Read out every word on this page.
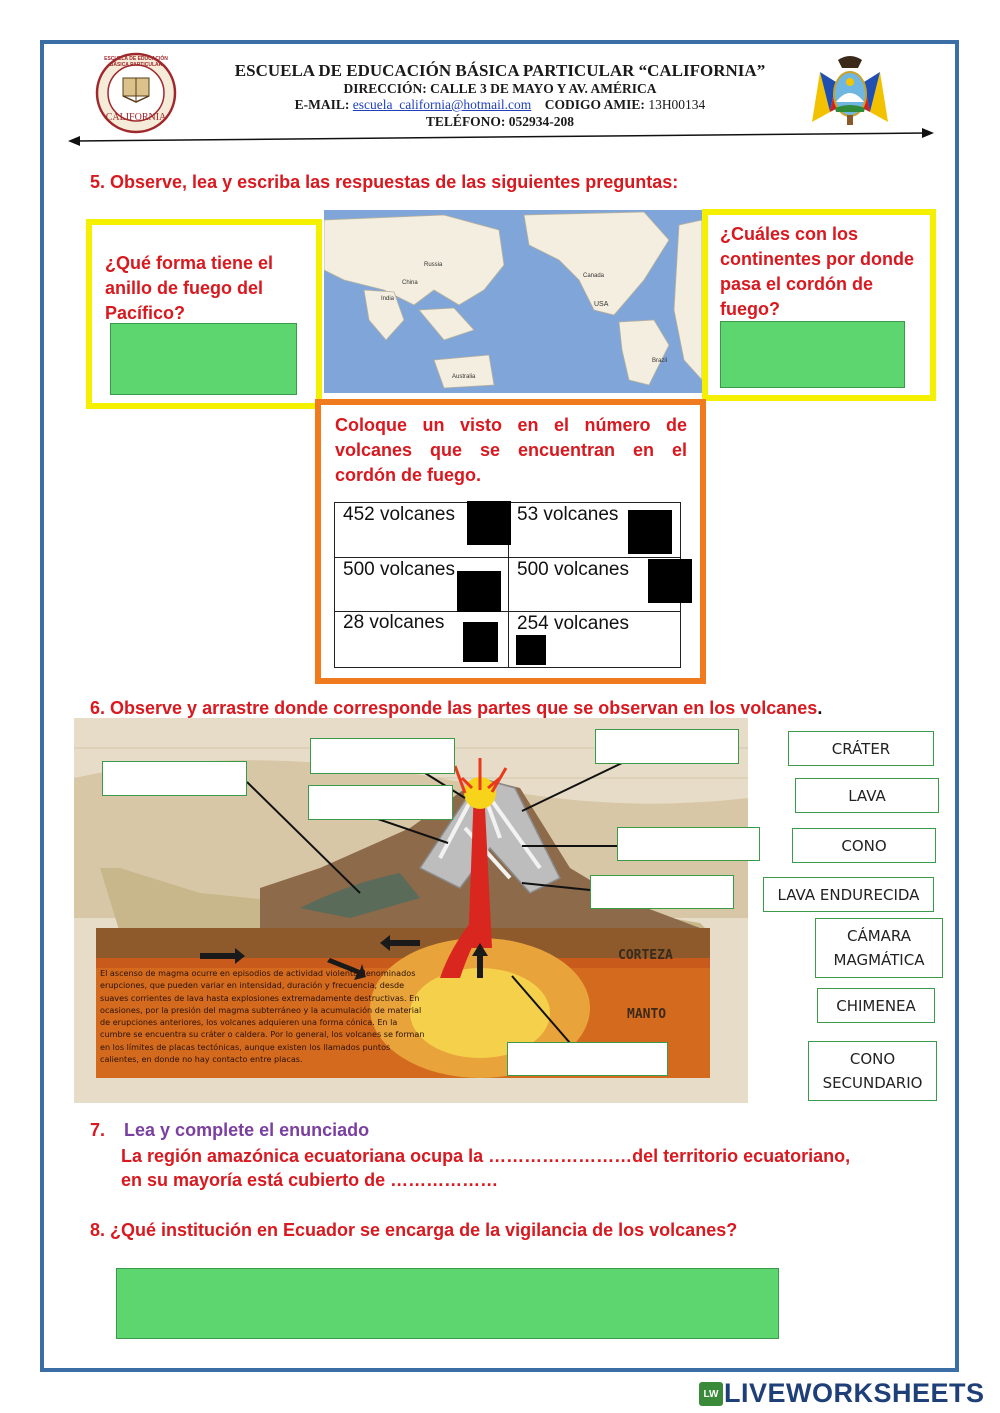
ESCUELA DE EDUCACIÓN BÁSICA PARTICULAR
CALIFORNIA
ESCUELA DE EDUCACIÓN BÁSICA PARTICULAR “CALIFORNIA”
DIRECCIÓN: CALLE 3 DE MAYO Y AV. AMÉRICA
E-MAIL: escuela_california@hotmail.com CODIGO AMIE: 13H00134
TELÉFONO: 052934-208
5. Observe, lea y escriba las respuestas de las siguientes preguntas:
¿Qué forma tiene el anillo de fuego del Pacífico?
Russia
China
India
Canada
USA
Australia
Brazil
¿Cuáles con los continentes por donde pasa el cordón de fuego?
Coloque un visto en el número de volcanes que se encuentran en el cordón de fuego.
452 volcanes	53 volcanes
500 volcanes	500 volcanes
28 volcanes	254 volcanes
6. Observe y arrastre donde corresponde las partes que se observan en los volcanes.
CORTEZA
MANTO
El ascenso de magma ocurre en episodios de actividad violenta denominados erupciones, que pueden variar en intensidad, duración y frecuencia, desde suaves corrientes de lava hasta explosiones extremadamente destructivas. En ocasiones, por la presión del magma subterráneo y la acumulación de material de erupciones anteriores, los volcanes adquieren una forma cónica. En la cumbre se encuentra su cráter o caldera. Por lo general, los volcanes se forman en los límites de placas tectónicas, aunque existen los llamados puntos calientes, en donde no hay contacto entre placas.
CRÁTER
LAVA
CONO
LAVA ENDURECIDA
CÁMARA MAGMÁTICA
CHIMENEA
CONO SECUNDARIO
7. Lea y complete el enunciado
La región amazónica ecuatoriana ocupa la ……………………del territorio ecuatoriano,
en su mayoría está cubierto de ………………
8. ¿Qué institución en Ecuador se encarga de la vigilancia de los volcanes?
LW LIVEWORKSHEETS
